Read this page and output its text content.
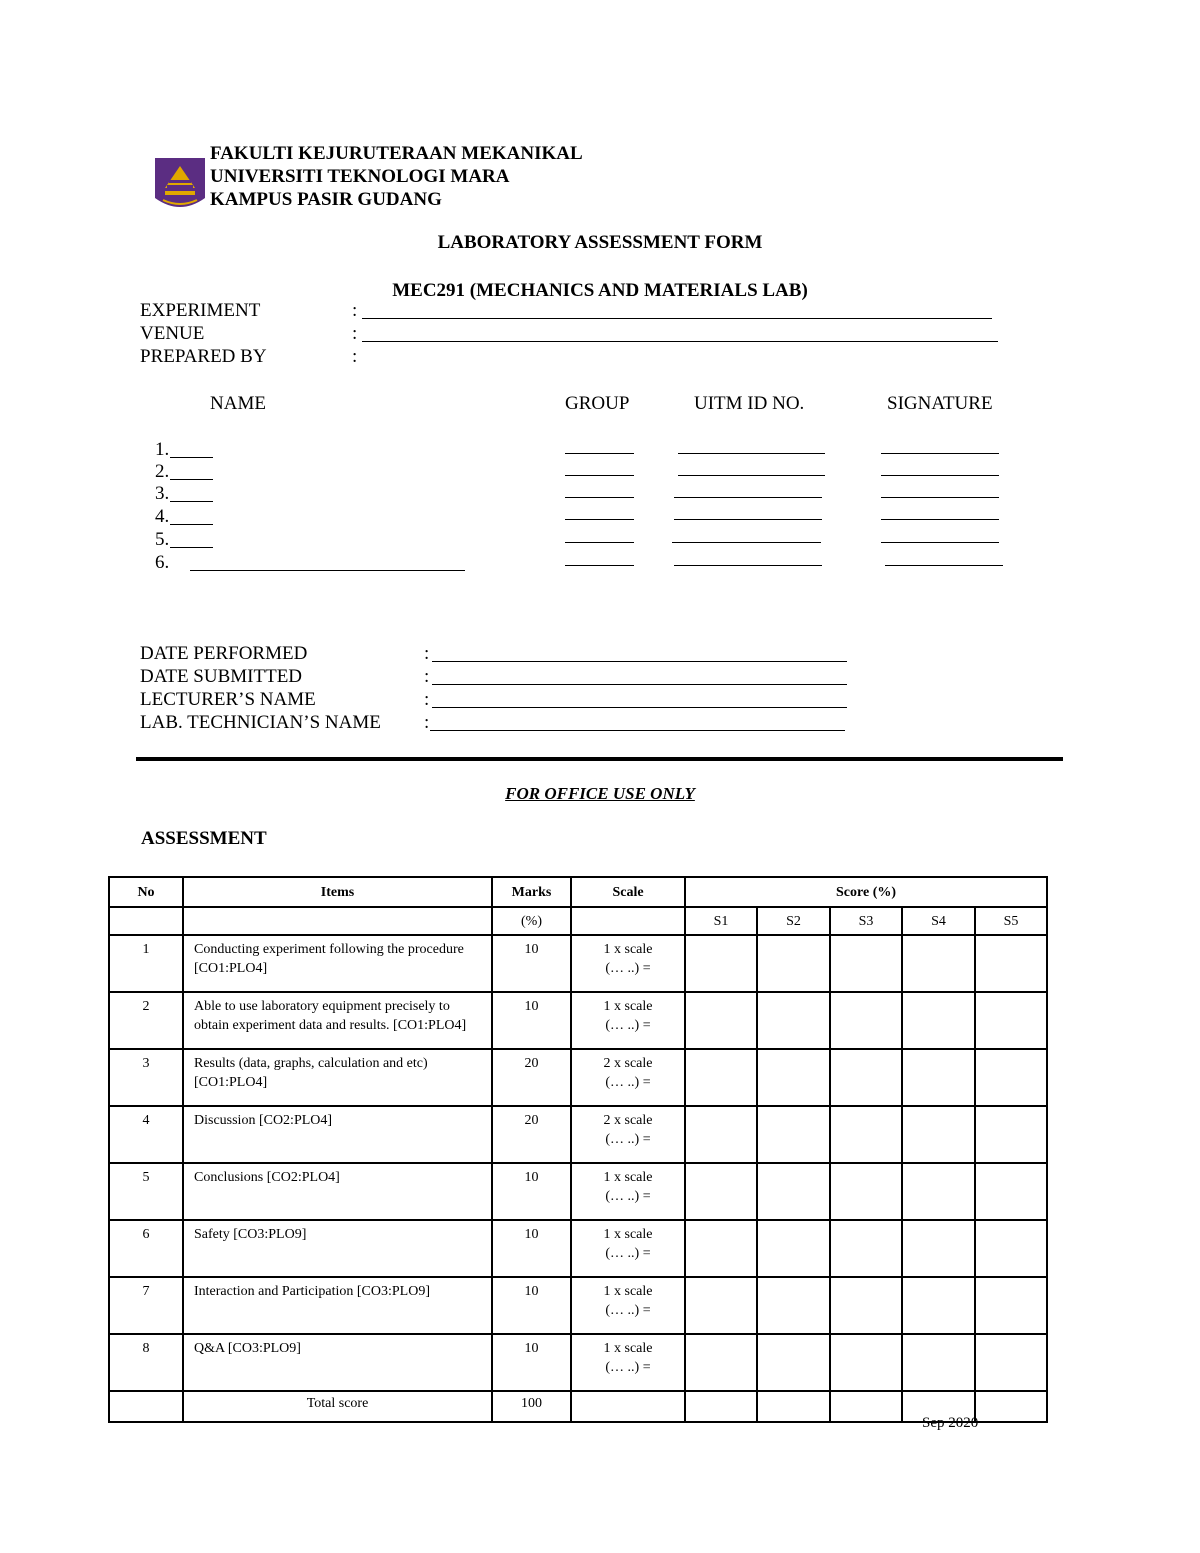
FAKULTI KEJURUTERAAN MEKANIKAL
UNIVERSITI TEKNOLOGI MARA
KAMPUS PASIR GUDANG
LABORATORY ASSESSMENT FORM
MEC291 (MECHANICS AND MATERIALS LAB)
EXPERIMENT	:
VENUE	:
PREPARED BY	:
NAME	GROUP	UITM ID NO.	SIGNATURE
1.
2.
3.
4.
5.
6.
DATE PERFORMED	:
DATE SUBMITTED	:
LECTURER’S NAME	:
LAB. TECHNICIAN’S NAME :
FOR OFFICE USE ONLY
ASSESSMENT
No	Items	Marks	Scale	Score (%)				
		(%)		S1	S2	S3	S4	S5
1	Conducting experiment following the procedure [CO1:PLO4]	10	1 x scale
(… ..) =					

2	Able to use laboratory equipment precisely to obtain experiment data and results. [CO1:PLO4]	10	1 x scale
(… ..) =					

3	Results (data, graphs, calculation and etc) [CO1:PLO4]	20	2 x scale
(… ..) =					

4	Discussion [CO2:PLO4]	20	2 x scale
(… ..) =					

5	Conclusions [CO2:PLO4]	10	1 x scale
(… ..) =					

6	Safety [CO3:PLO9]	10	1 x scale
(… ..) =					

7	Interaction and Participation [CO3:PLO9]	10	1 x scale
(… ..) =					

8	Q&A [CO3:PLO9]	10	1 x scale
(… ..) =					

	Total score	100						
Sep 2020
